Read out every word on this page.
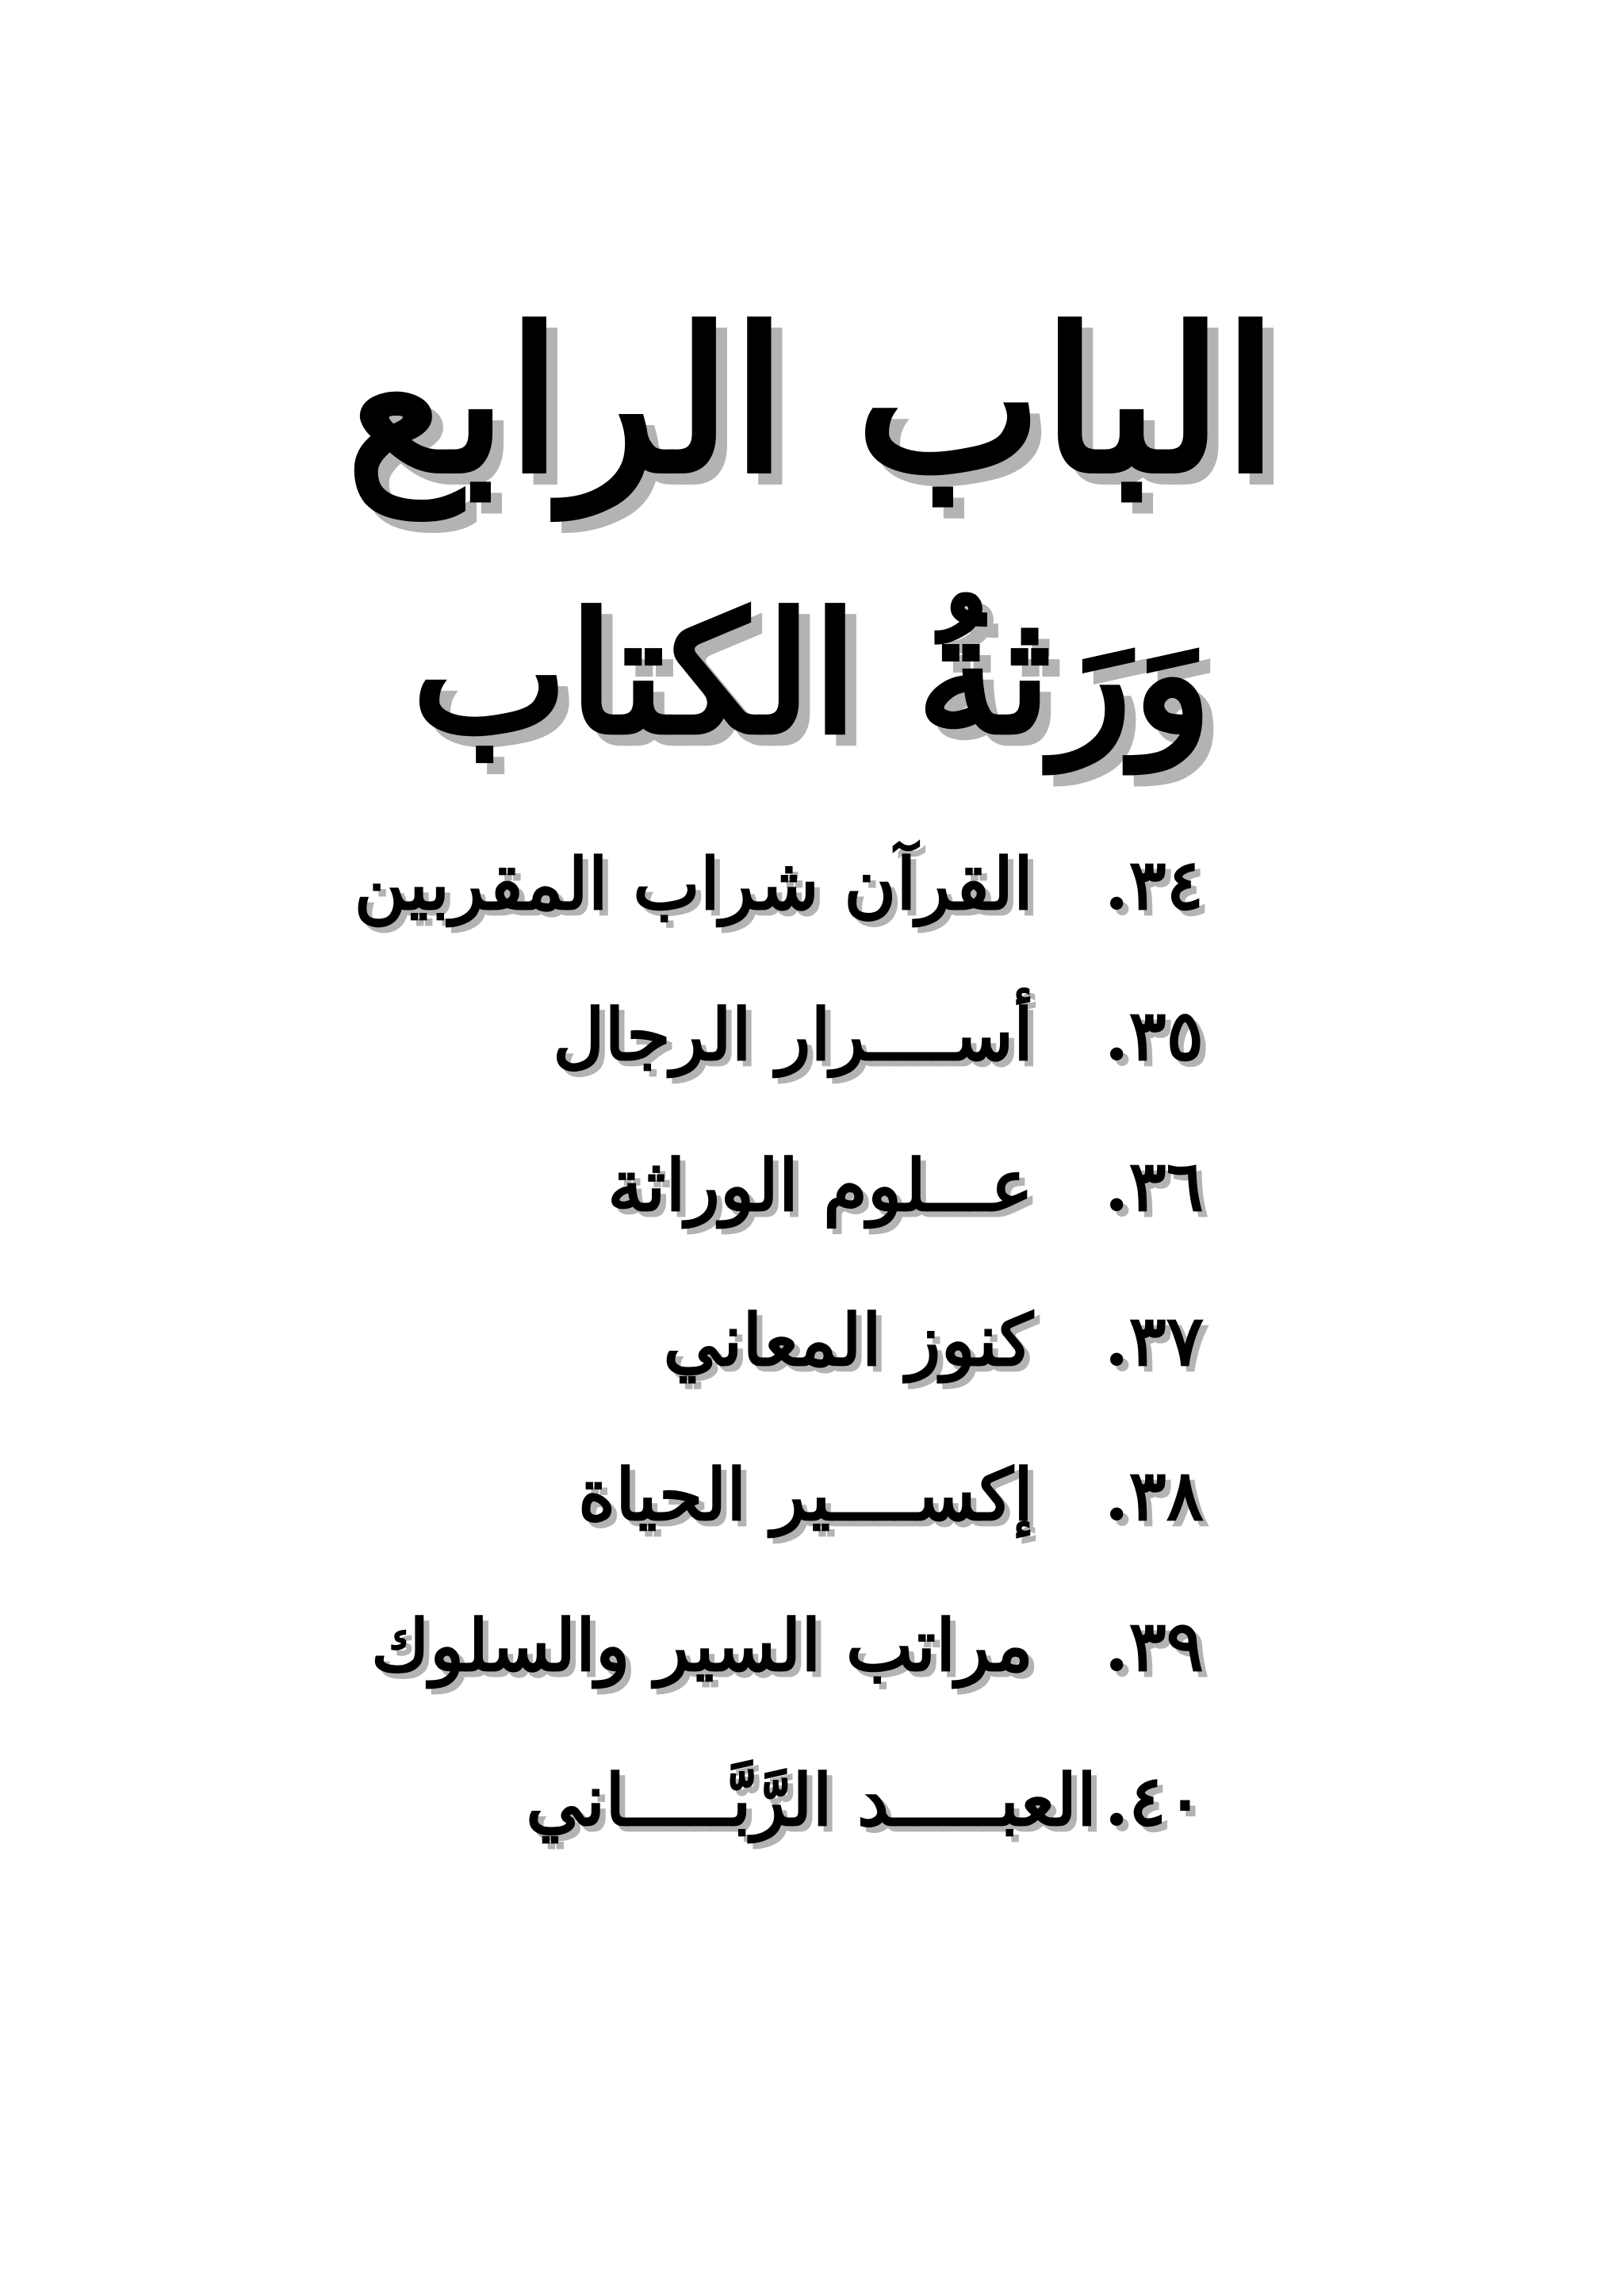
الباب الرابع
وَرَثةُ الكتاب
٣٤.
القرآن شراب المقربين
٣٥.
أســــرار الرجال
٣٦.
عـــلوم الوراثة
٣٧.
كنوز المعاني
٣٨.
إكســــير الحياة
٣٩.
مراتب السير والسلوك
٤٠.
العبـــــد الرَّبَّـــــاني
